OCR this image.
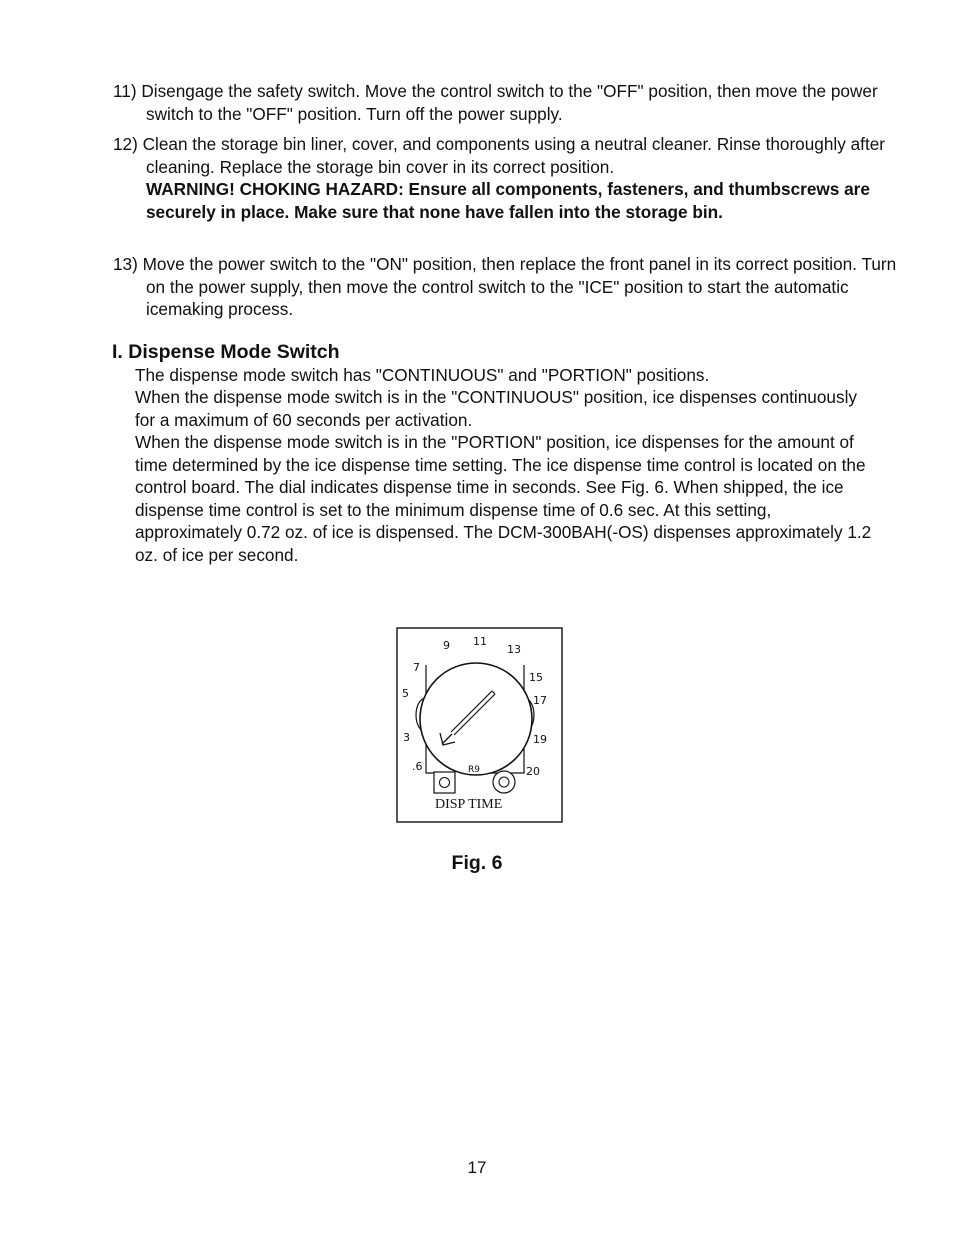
11) Disengage the safety switch. Move the control switch to the "OFF" position, then move the power switch to the "OFF" position. Turn off the power supply.
12) Clean the storage bin liner, cover, and components using a neutral cleaner. Rinse thoroughly after cleaning. Replace the storage bin cover in its correct position.
WARNING! CHOKING HAZARD: Ensure all components, fasteners, and thumbscrews are securely in place. Make sure that none have fallen into the storage bin.
13) Move the power switch to the "ON" position, then replace the front panel in its correct position. Turn on the power supply, then move the control switch to the "ICE" position to start the automatic icemaking process.
I. Dispense Mode Switch
The dispense mode switch has "CONTINUOUS" and "PORTION" positions.
When the dispense mode switch is in the "CONTINUOUS" position, ice dispenses continuously for a maximum of 60 seconds per activation.
When the dispense mode switch is in the "PORTION" position, ice dispenses for the amount of time determined by the ice dispense time setting. The ice dispense time control is located on the control board. The dial indicates dispense time in seconds. See Fig. 6. When shipped, the ice dispense time control is set to the minimum dispense time of 0.6 sec. At this setting, approximately 0.72 oz. of ice is dispensed. The DCM-300BAH(-OS) dispenses approximately 1.2 oz. of ice per second.
.6
3
5
7
9 11
13
15
17
19
20
R9
DISP TIME
Fig. 6
17
